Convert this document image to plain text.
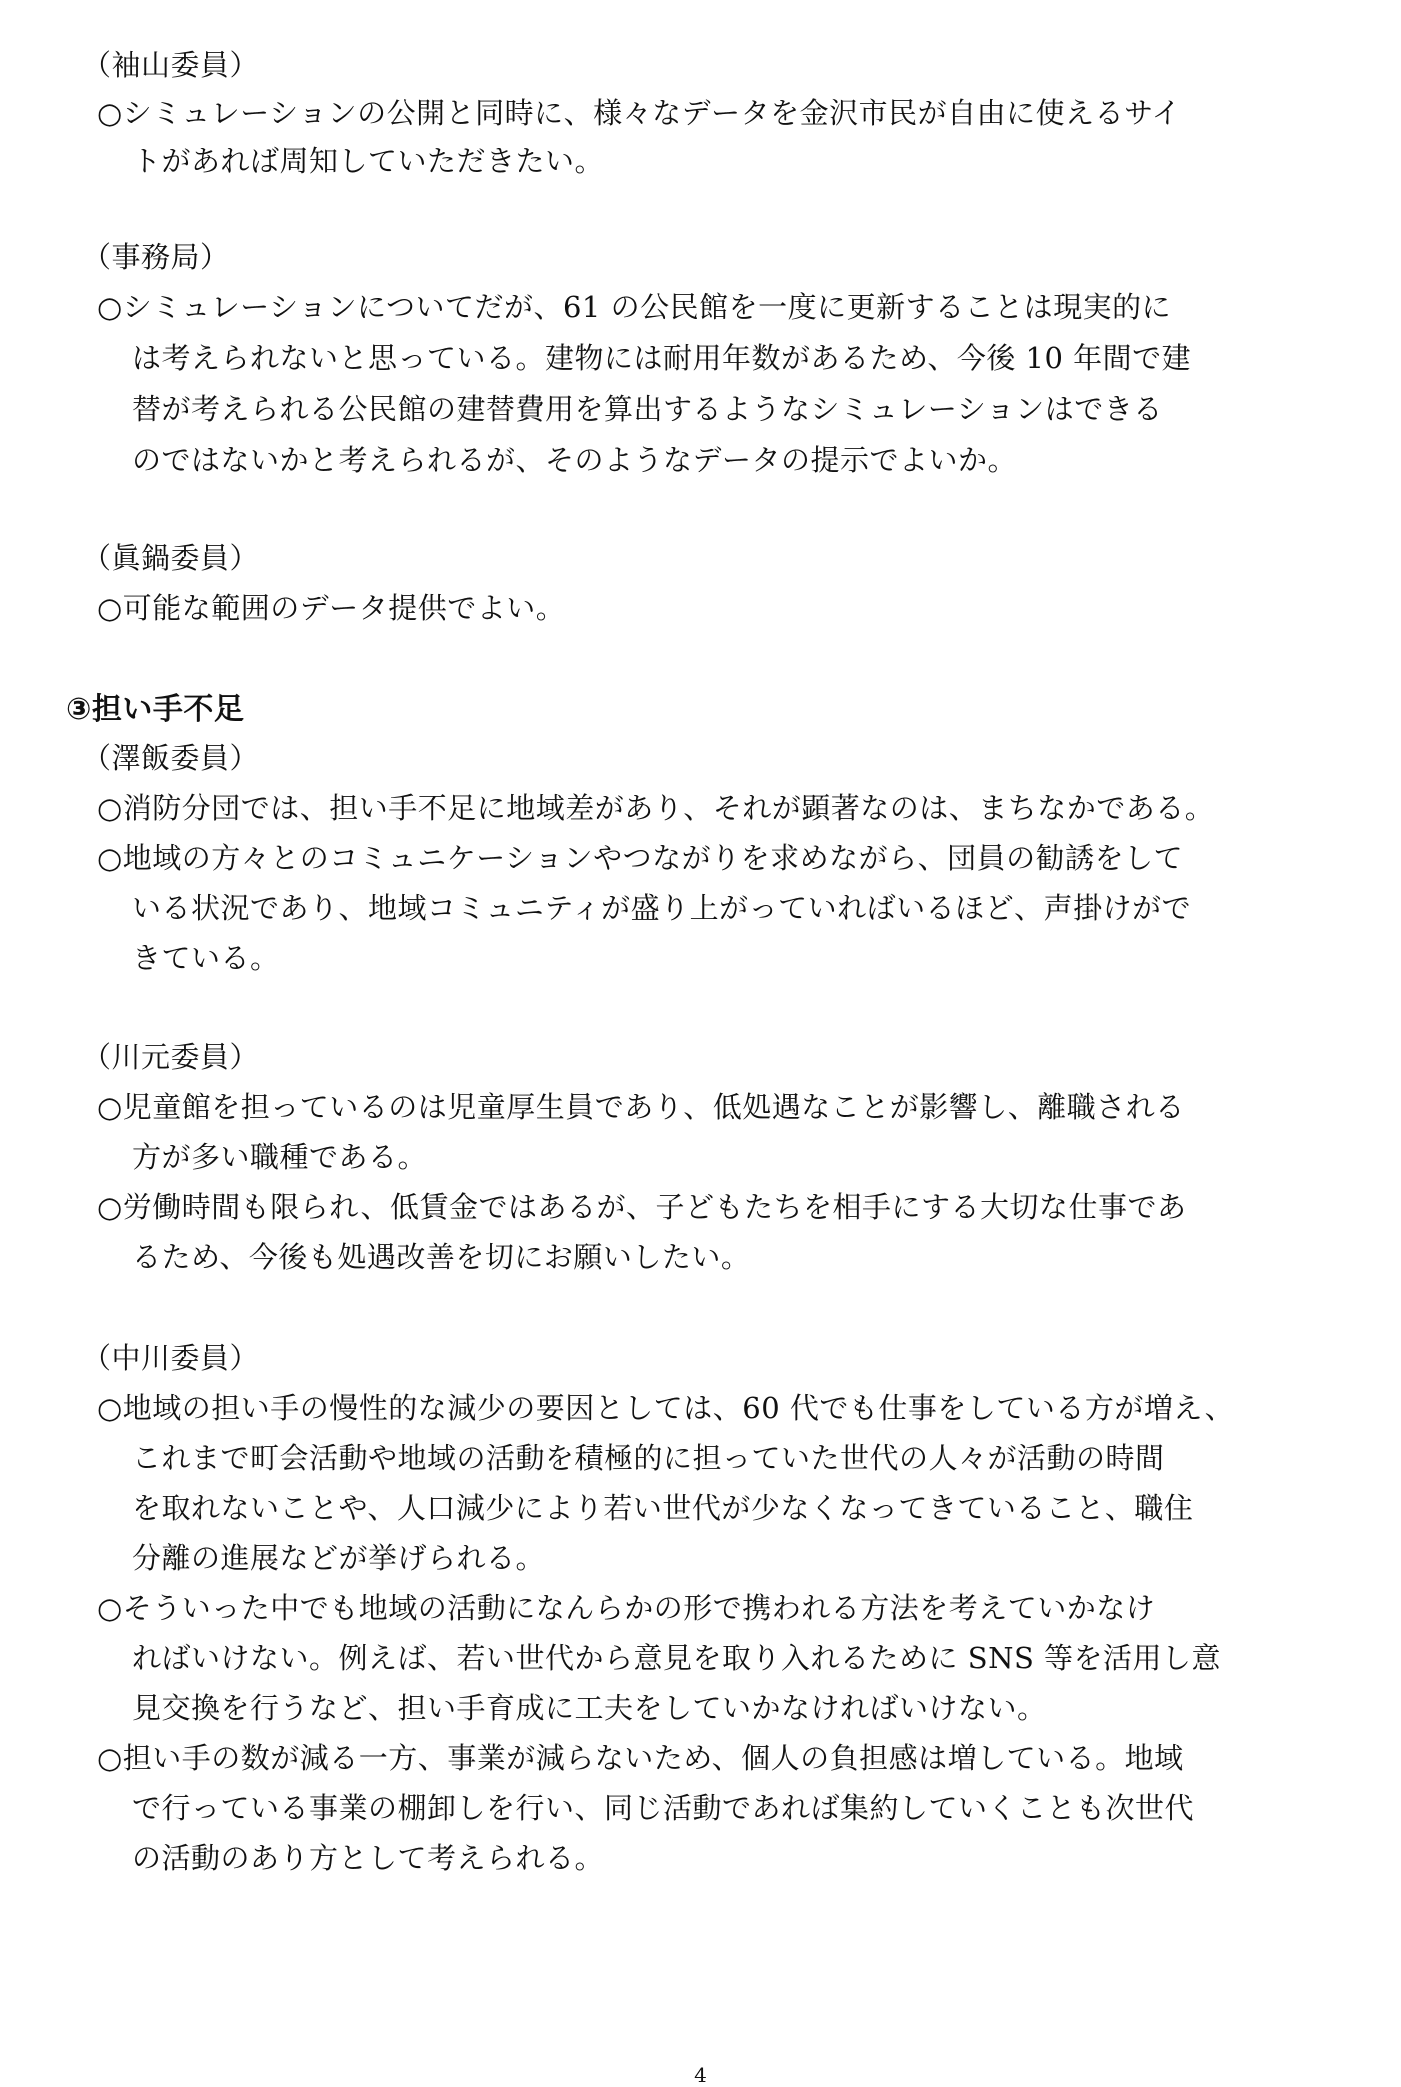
（袖山委員）
○シミュレーションの公開と同時に、様々なデータを金沢市民が自由に使えるサイ
トがあれば周知していただきたい。
（事務局）
○シミュレーションについてだが、61 の公民館を一度に更新することは現実的に
は考えられないと思っている。建物には耐用年数があるため、今後 10 年間で建
替が考えられる公民館の建替費用を算出するようなシミュレーションはできる
のではないかと考えられるが、そのようなデータの提示でよいか。
（眞鍋委員）
○可能な範囲のデータ提供でよい。
③担い手不足
（澤飯委員）
○消防分団では、担い手不足に地域差があり、それが顕著なのは、まちなかである。
○地域の方々とのコミュニケーションやつながりを求めながら、団員の勧誘をして
いる状況であり、地域コミュニティが盛り上がっていればいるほど、声掛けがで
きている。
（川元委員）
○児童館を担っているのは児童厚生員であり、低処遇なことが影響し、離職される
方が多い職種である。
○労働時間も限られ、低賃金ではあるが、子どもたちを相手にする大切な仕事であ
るため、今後も処遇改善を切にお願いしたい。
（中川委員）
○地域の担い手の慢性的な減少の要因としては、60 代でも仕事をしている方が増え、
これまで町会活動や地域の活動を積極的に担っていた世代の人々が活動の時間
を取れないことや、人口減少により若い世代が少なくなってきていること、職住
分離の進展などが挙げられる。
○そういった中でも地域の活動になんらかの形で携われる方法を考えていかなけ
ればいけない。例えば、若い世代から意見を取り入れるために SNS 等を活用し意
見交換を行うなど、担い手育成に工夫をしていかなければいけない。
○担い手の数が減る一方、事業が減らないため、個人の負担感は増している。地域
で行っている事業の棚卸しを行い、同じ活動であれば集約していくことも次世代
の活動のあり方として考えられる。
4
